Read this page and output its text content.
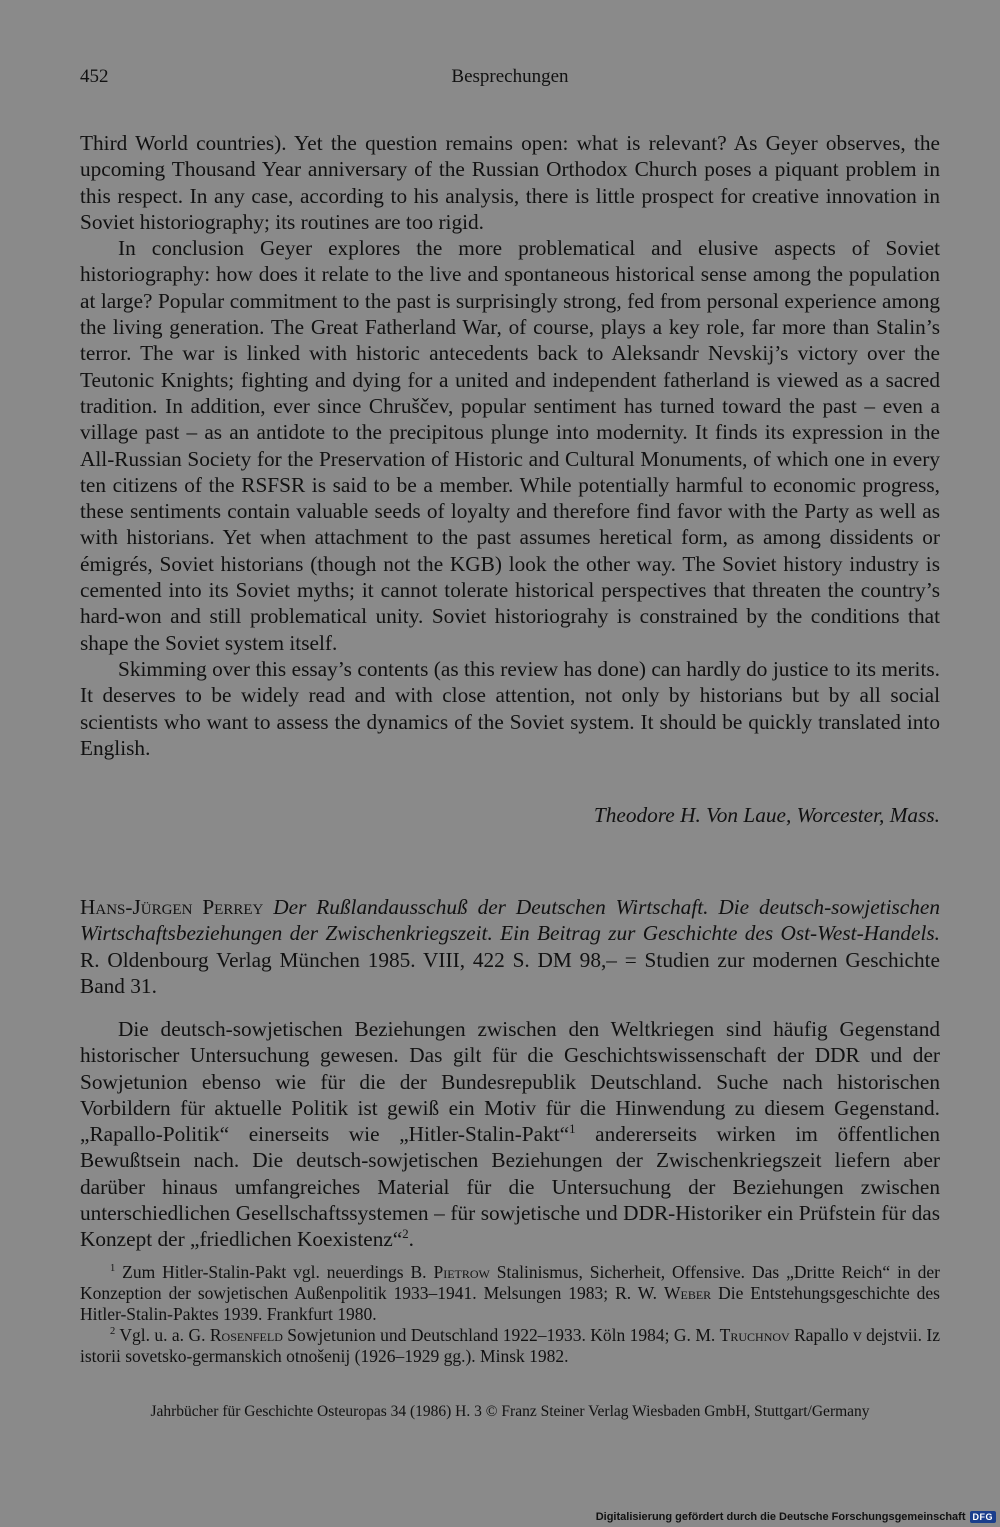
452	Besprechungen

Third World countries). Yet the question remains open: what is relevant? As Geyer observes, the upcoming Thousand Year anniversary of the Russian Orthodox Church poses a piquant problem in this respect. In any case, according to his analysis, there is little prospect for creative innovation in Soviet historiography; its routines are too rigid.

In conclusion Geyer explores the more problematical and elusive aspects of Soviet historiography: how does it relate to the live and spontaneous historical sense among the population at large? Popular commitment to the past is surprisingly strong, fed from personal experience among the living generation. The Great Fatherland War, of course, plays a key role, far more than Stalin’s terror. The war is linked with historic antecedents back to Aleksandr Nevskij’s victory over the Teutonic Knights; fighting and dying for a united and independent fatherland is viewed as a sacred tradition. In addition, ever since Chruščev, popular sentiment has turned toward the past – even a village past – as an antidote to the precipitous plunge into modernity. It finds its expression in the All-Russian Society for the Preservation of Historic and Cultural Monuments, of which one in every ten citizens of the RSFSR is said to be a member. While potentially harmful to economic progress, these sentiments contain valuable seeds of loyalty and therefore find favor with the Party as well as with historians. Yet when attachment to the past assumes heretical form, as among dissidents or émigrés, Soviet historians (though not the KGB) look the other way. The Soviet history industry is cemented into its Soviet myths; it cannot tolerate historical perspectives that threaten the country’s hard-won and still problematical unity. Soviet historiograhy is constrained by the conditions that shape the Soviet system itself.

Skimming over this essay’s contents (as this review has done) can hardly do justice to its merits. It deserves to be widely read and with close attention, not only by historians but by all social scientists who want to assess the dynamics of the Soviet system. It should be quickly translated into English.

Theodore H. Von Laue, Worcester, Mass.
Hans-Jürgen Perrey Der Rußlandausschuß der Deutschen Wirtschaft. Die deutsch-sowjetischen Wirtschaftsbeziehungen der Zwischenkriegszeit. Ein Beitrag zur Geschichte des Ost-West-Handels. R. Oldenbourg Verlag München 1985. VIII, 422 S. DM 98,– = Studien zur modernen Geschichte Band 31.

Die deutsch-sowjetischen Beziehungen zwischen den Weltkriegen sind häufig Gegenstand historischer Untersuchung gewesen. Das gilt für die Geschichtswissenschaft der DDR und der Sowjetunion ebenso wie für die der Bundesrepublik Deutschland. Suche nach historischen Vorbildern für aktuelle Politik ist gewiß ein Motiv für die Hinwendung zu diesem Gegenstand. „Rapallo-Politik“ einerseits wie „Hitler-Stalin-Pakt“$^1$ andererseits wirken im öffentlichen Bewußtsein nach. Die deutsch-sowjetischen Beziehungen der Zwischenkriegszeit liefern aber darüber hinaus umfangreiches Material für die Untersuchung der Beziehungen zwischen unterschiedlichen Gesellschaftssystemen – für sowjetische und DDR-Historiker ein Prüfstein für das Konzept der „friedlichen Koexistenz“$^2$.

$^1$ Zum Hitler-Stalin-Pakt vgl. neuerdings B. Pietrow Stalinismus, Sicherheit, Offensive. Das „Dritte Reich“ in der Konzeption der sowjetischen Außenpolitik 1933–1941. Melsungen 1983; R. W. Weber Die Entstehungsgeschichte des Hitler-Stalin-Paktes 1939. Frankfurt 1980.

$^2$ Vgl. u. a. G. Rosenfeld Sowjetunion und Deutschland 1922–1933. Köln 1984; G. M. Truchnov Rapallo v dejstvii. Iz istorii sovetsko-germanskich otnošenij (1926–1929 gg.). Minsk 1982.

Jahrbücher für Geschichte Osteuropas 34 (1986) H. 3 © Franz Steiner Verlag Wiesbaden GmbH, Stuttgart/Germany
Digitalisierung gefördert durch die Deutsche Forschungsgemeinschaft DFG
